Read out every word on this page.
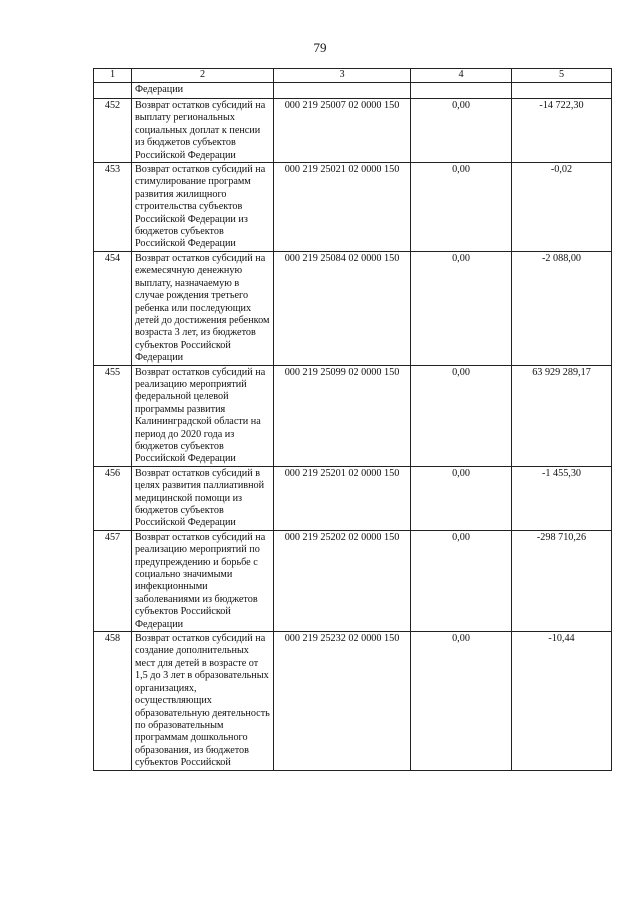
79
1	2	3	4	5
	Федерации			
452	Возврат остатков субсидий на выплату региональных социальных доплат к пенсии из бюджетов субъектов Российской Федерации	000 219 25007 02 0000 150	0,00	-14 722,30
453	Возврат остатков субсидий на стимулирование программ развития жилищного строительства субъектов Российской Федерации из бюджетов субъектов Российской Федерации	000 219 25021 02 0000 150	0,00	-0,02
454	Возврат остатков субсидий на ежемесячную денежную выплату, назначаемую в случае рождения третьего ребенка или последующих детей до достижения ребенком возраста 3 лет, из бюджетов субъектов Российской Федерации	000 219 25084 02 0000 150	0,00	-2 088,00
455	Возврат остатков субсидий на реализацию мероприятий федеральной целевой программы развития Калининградской области на период до 2020 года из бюджетов субъектов Российской Федерации	000 219 25099 02 0000 150	0,00	63 929 289,17
456	Возврат остатков субсидий в целях развития паллиативной медицинской помощи из бюджетов субъектов Российской Федерации	000 219 25201 02 0000 150	0,00	-1 455,30
457	Возврат остатков субсидий на реализацию мероприятий по предупреждению и борьбе с социально значимыми инфекционными заболеваниями из бюджетов субъектов Российской Федерации	000 219 25202 02 0000 150	0,00	-298 710,26
458	Возврат остатков субсидий на создание дополнительных мест для детей в возрасте от 1,5 до 3 лет в образовательных организациях, осуществляющих образовательную деятельность по образовательным программам дошкольного образования, из бюджетов субъектов Российской	000 219 25232 02 0000 150	0,00	-10,44
